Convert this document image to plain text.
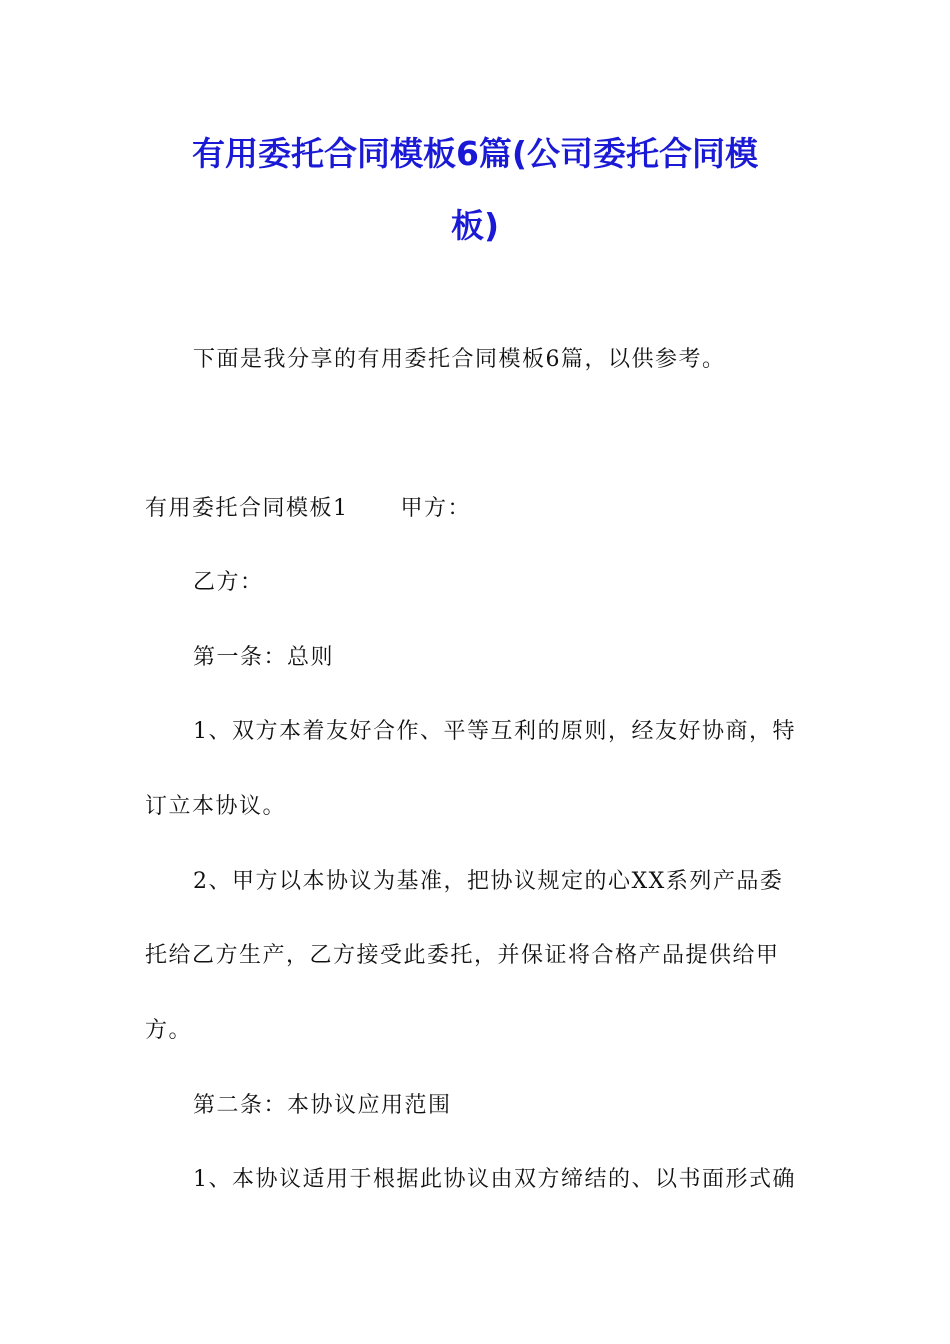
有用委托合同模板6篇(公司委托合同模
板)
下面是我分享的有用委托合同模板6篇，以供参考。
有用委托合同模板1 甲方：
乙方：
第一条：总则
1、双方本着友好合作、平等互利的原则，经友好协商，特
订立本协议。
2、甲方以本协议为基准，把协议规定的心XX系列产品委
托给乙方生产，乙方接受此委托，并保证将合格产品提供给甲
方。
第二条：本协议应用范围
1、本协议适用于根据此协议由双方缔结的、以书面形式确
